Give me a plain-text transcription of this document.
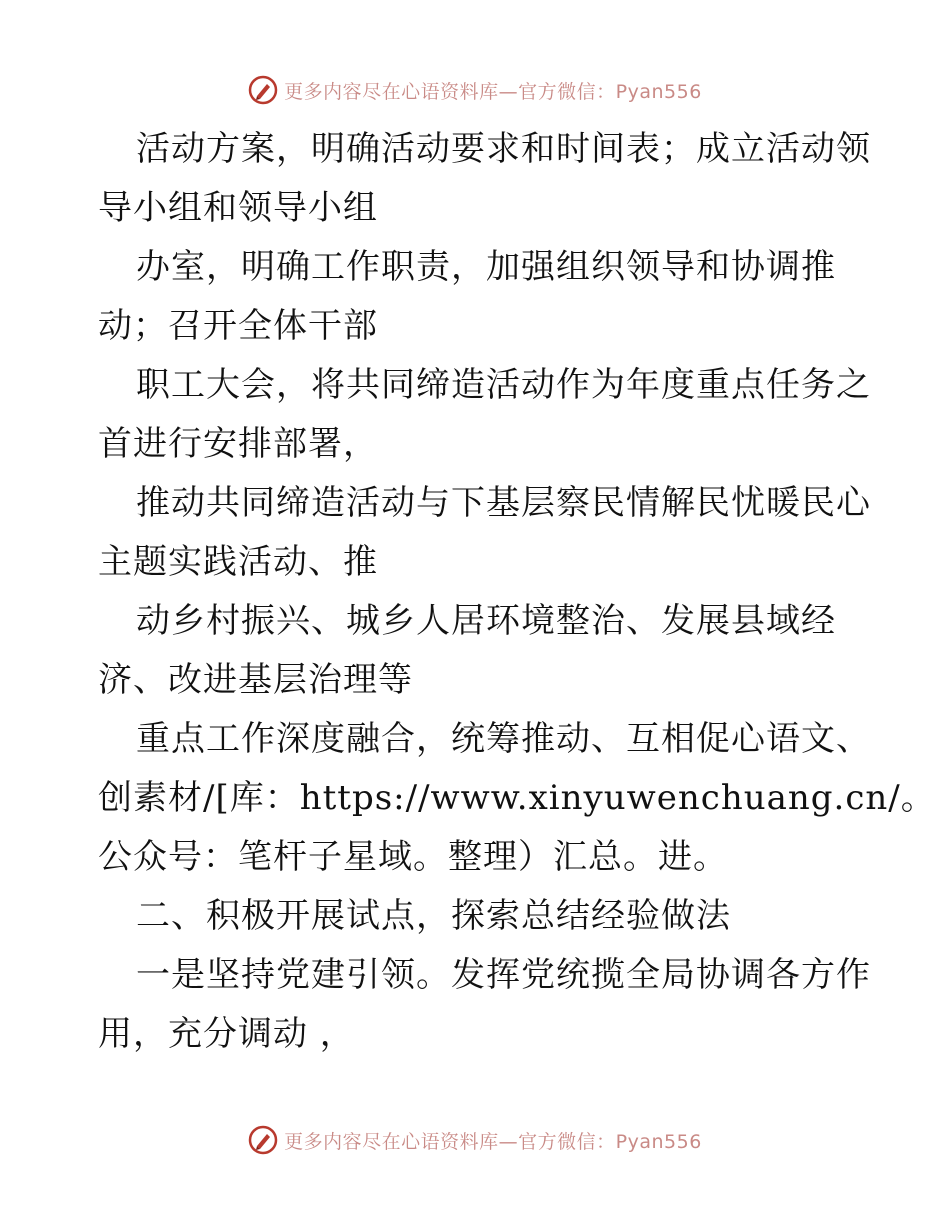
更多内容尽在心语资料库—官方微信：Pyan556
活动方案，明确活动要求和时间表；成立活动领
导小组和领导小组
办室，明确工作职责，加强组织领导和协调推
动；召开全体干部
职工大会，将共同缔造活动作为年度重点任务之
首进行安排部署，
推动共同缔造活动与下基层察民情解民忧暖民心
主题实践活动、推
动乡村振兴、城乡人居环境整治、发展县域经
济、改进基层治理等
重点工作深度融合，统筹推动、互相促心语文、
创素材/[库：https://www.xinyuwenchuang.cn/。
公众号：笔杆子星域。整理）汇总。进。
二、积极开展试点，探索总结经验做法
一是坚持党建引领。发挥党统揽全局协调各方作
用，充分调动 ，
更多内容尽在心语资料库—官方微信：Pyan556
